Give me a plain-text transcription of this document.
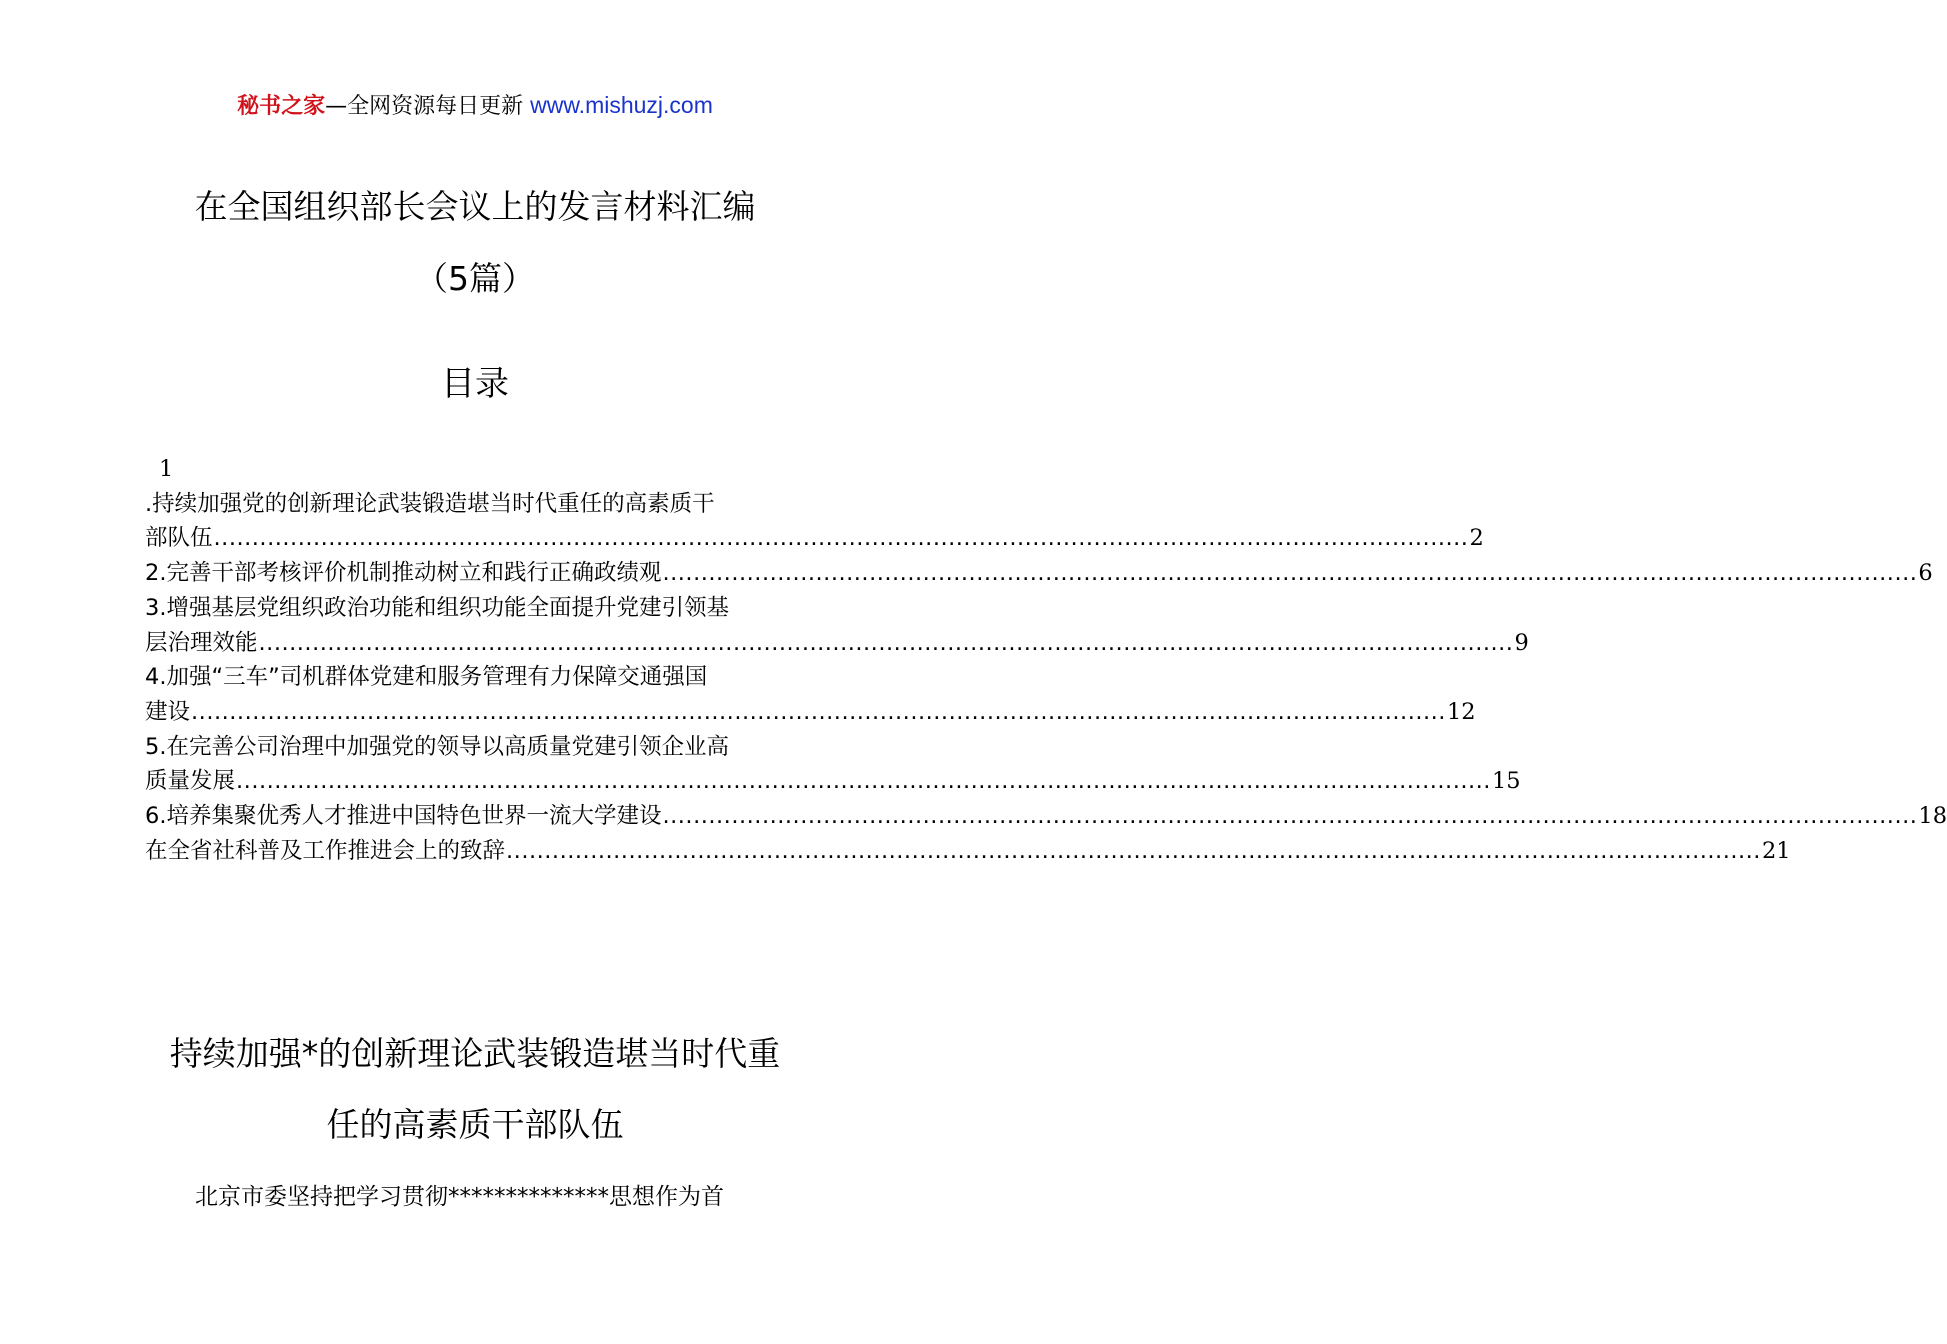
秘书之家—全网资源每日更新 www.mishuzj.com
在全国组织部长会议上的发言材料汇编
（5篇）
目录
1
.持续加强党的创新理论武装锻造堪当时代重任的高素质干
部队伍 .................................................................................................................................................................... 2
2.完善干部考核评价机制推动树立和践行正确政绩观 .................................................................................................................................................................... 6
3.增强基层党组织政治功能和组织功能全面提升党建引领基
层治理效能 .................................................................................................................................................................... 9
4.加强“三车”司机群体党建和服务管理有力保障交通强国
建设 .................................................................................................................................................................... 12
5.在完善公司治理中加强党的领导以高质量党建引领企业高
质量发展 .................................................................................................................................................................... 15
6.培养集聚优秀人才推进中国特色世界一流大学建设 .................................................................................................................................................................... 18
在全省社科普及工作推进会上的致辞 .................................................................................................................................................................... 21
持续加强*的创新理论武装锻造堪当时代重
任的高素质干部队伍
北京市委坚持把学习贯彻**************思想作为首
